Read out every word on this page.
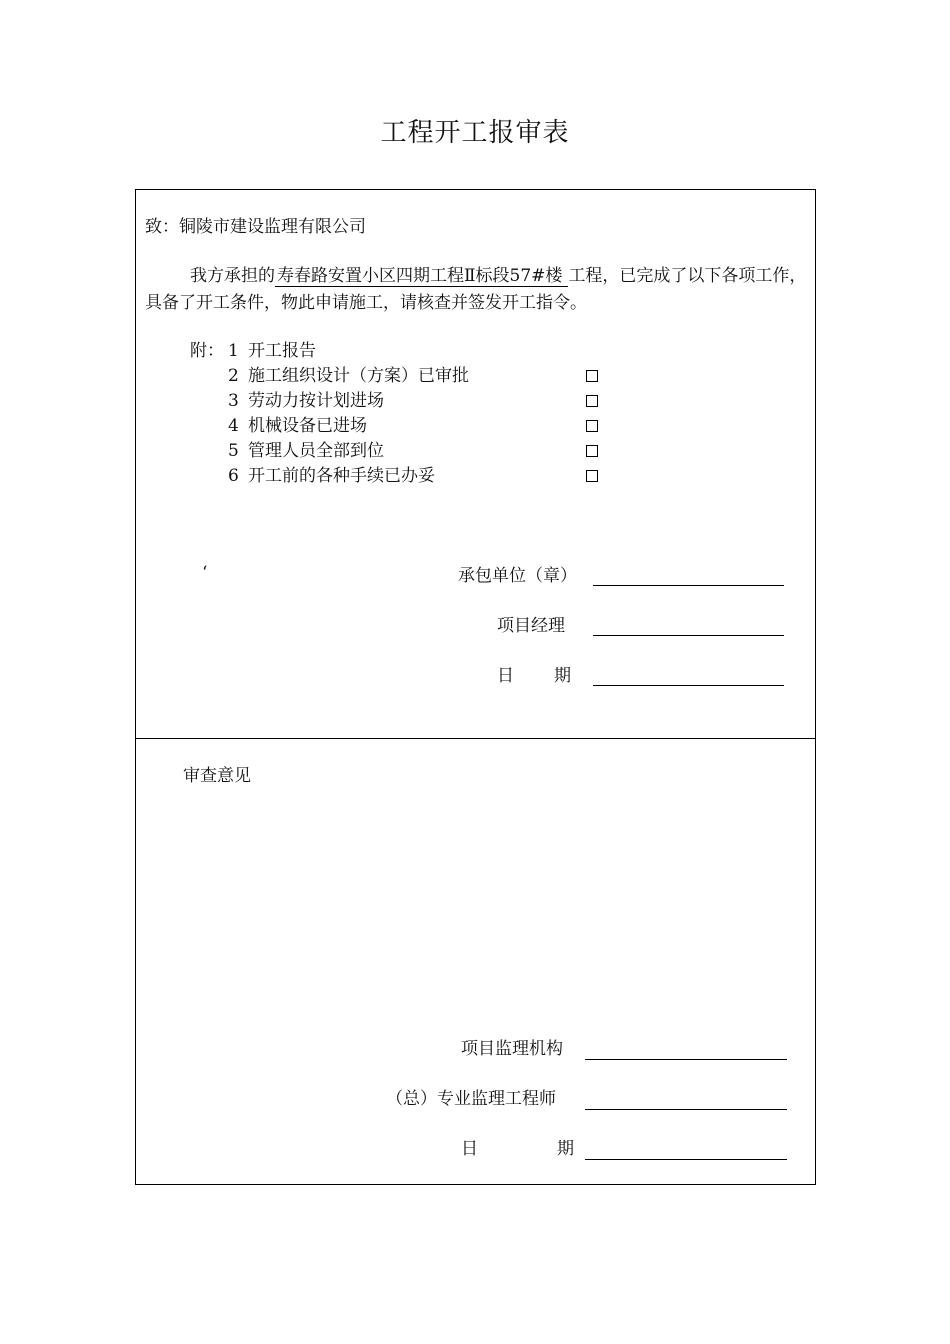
工程开工报审表
致：铜陵市建设监理有限公司
我方承担的 寿春路安置小区四期工程Ⅱ标段57#楼 工程，已完成了以下各项工作，具备了开工条件，物此申请施工，请核查并签发开工指令。
附： 1 开工报告
2 施工组织设计（方案）已审批
3 劳动力按计划进场
4 机械设备已进场
5 管理人员全部到位
6 开工前的各种手续已办妥
‘	承包单位（章）
项目经理
日 期
审查意见
项目监理机构
（总）专业监理工程师
日	期
